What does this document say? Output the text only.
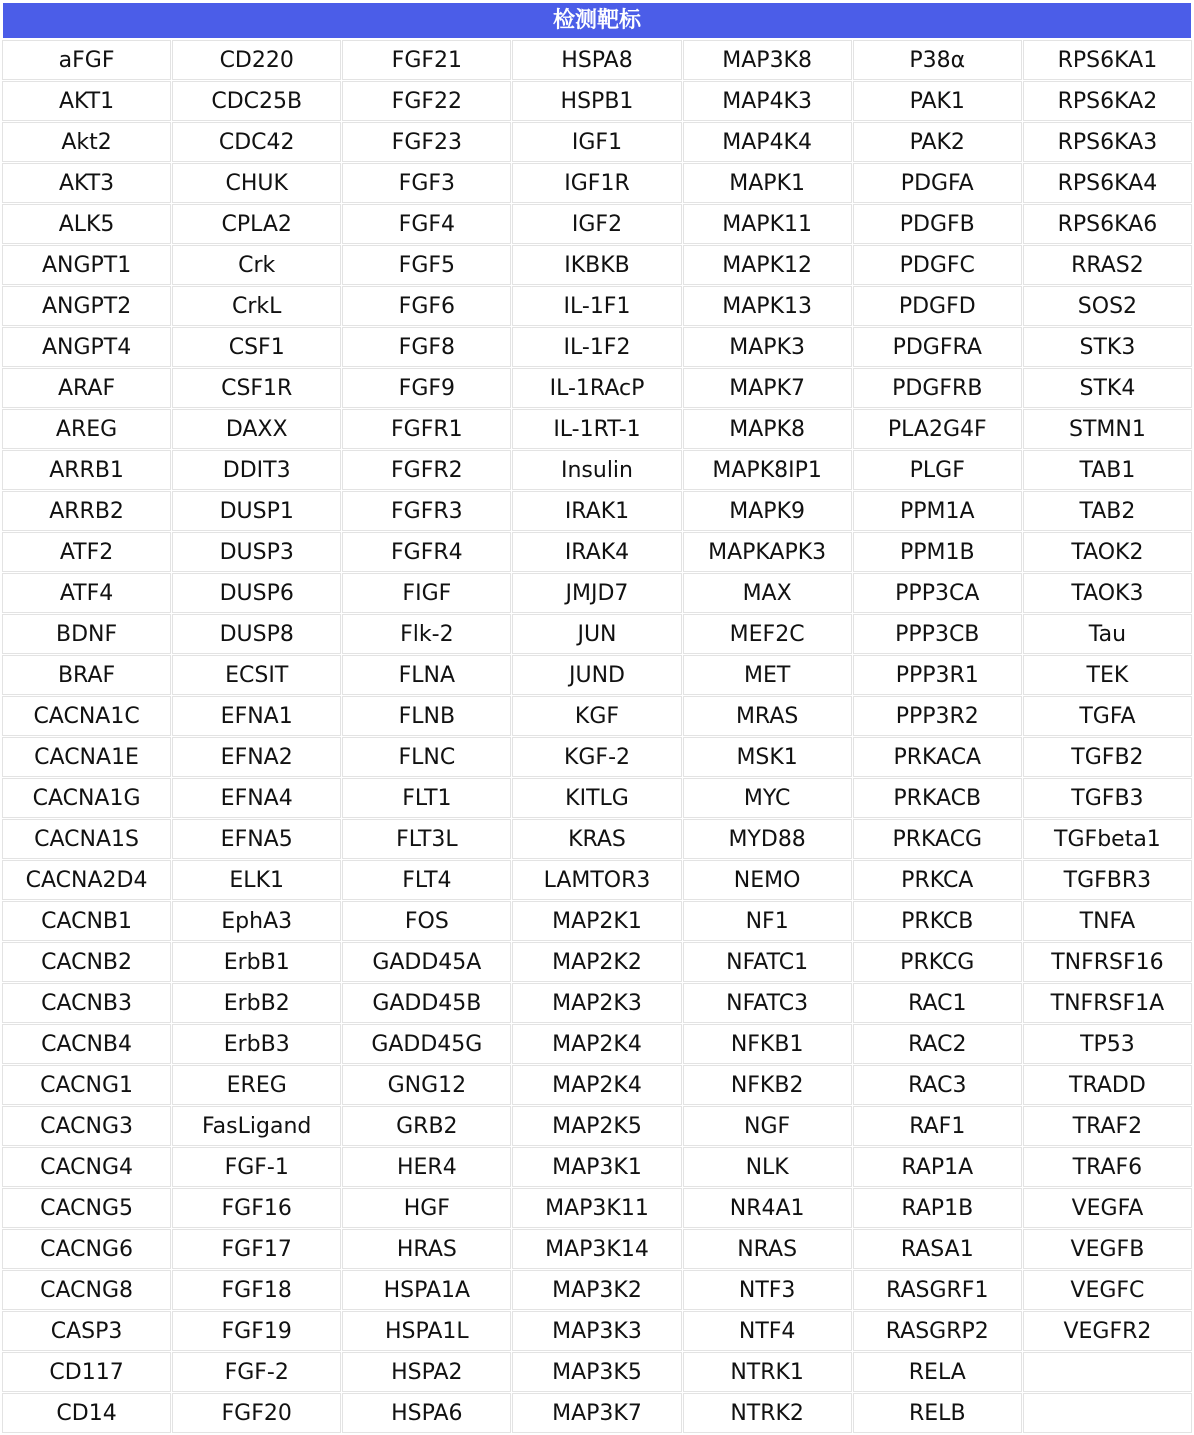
检测靶标						
aFGF	CD220	FGF21	HSPA8	MAP3K8	P38α	RPS6KA1
AKT1	CDC25B	FGF22	HSPB1	MAP4K3	PAK1	RPS6KA2
Akt2	CDC42	FGF23	IGF1	MAP4K4	PAK2	RPS6KA3
AKT3	CHUK	FGF3	IGF1R	MAPK1	PDGFA	RPS6KA4
ALK5	CPLA2	FGF4	IGF2	MAPK11	PDGFB	RPS6KA6
ANGPT1	Crk	FGF5	IKBKB	MAPK12	PDGFC	RRAS2
ANGPT2	CrkL	FGF6	IL-1F1	MAPK13	PDGFD	SOS2
ANGPT4	CSF1	FGF8	IL-1F2	MAPK3	PDGFRA	STK3
ARAF	CSF1R	FGF9	IL-1RAcP	MAPK7	PDGFRB	STK4
AREG	DAXX	FGFR1	IL-1RT-1	MAPK8	PLA2G4F	STMN1
ARRB1	DDIT3	FGFR2	Insulin	MAPK8IP1	PLGF	TAB1
ARRB2	DUSP1	FGFR3	IRAK1	MAPK9	PPM1A	TAB2
ATF2	DUSP3	FGFR4	IRAK4	MAPKAPK3	PPM1B	TAOK2
ATF4	DUSP6	FIGF	JMJD7	MAX	PPP3CA	TAOK3
BDNF	DUSP8	Flk-2	JUN	MEF2C	PPP3CB	Tau
BRAF	ECSIT	FLNA	JUND	MET	PPP3R1	TEK
CACNA1C	EFNA1	FLNB	KGF	MRAS	PPP3R2	TGFA
CACNA1E	EFNA2	FLNC	KGF-2	MSK1	PRKACA	TGFB2
CACNA1G	EFNA4	FLT1	KITLG	MYC	PRKACB	TGFB3
CACNA1S	EFNA5	FLT3L	KRAS	MYD88	PRKACG	TGFbeta1
CACNA2D4	ELK1	FLT4	LAMTOR3	NEMO	PRKCA	TGFBR3
CACNB1	EphA3	FOS	MAP2K1	NF1	PRKCB	TNFA
CACNB2	ErbB1	GADD45A	MAP2K2	NFATC1	PRKCG	TNFRSF16
CACNB3	ErbB2	GADD45B	MAP2K3	NFATC3	RAC1	TNFRSF1A
CACNB4	ErbB3	GADD45G	MAP2K4	NFKB1	RAC2	TP53
CACNG1	EREG	GNG12	MAP2K4	NFKB2	RAC3	TRADD
CACNG3	FasLigand	GRB2	MAP2K5	NGF	RAF1	TRAF2
CACNG4	FGF-1	HER4	MAP3K1	NLK	RAP1A	TRAF6
CACNG5	FGF16	HGF	MAP3K11	NR4A1	RAP1B	VEGFA
CACNG6	FGF17	HRAS	MAP3K14	NRAS	RASA1	VEGFB
CACNG8	FGF18	HSPA1A	MAP3K2	NTF3	RASGRF1	VEGFC
CASP3	FGF19	HSPA1L	MAP3K3	NTF4	RASGRP2	VEGFR2
CD117	FGF-2	HSPA2	MAP3K5	NTRK1	RELA	
CD14	FGF20	HSPA6	MAP3K7	NTRK2	RELB	
